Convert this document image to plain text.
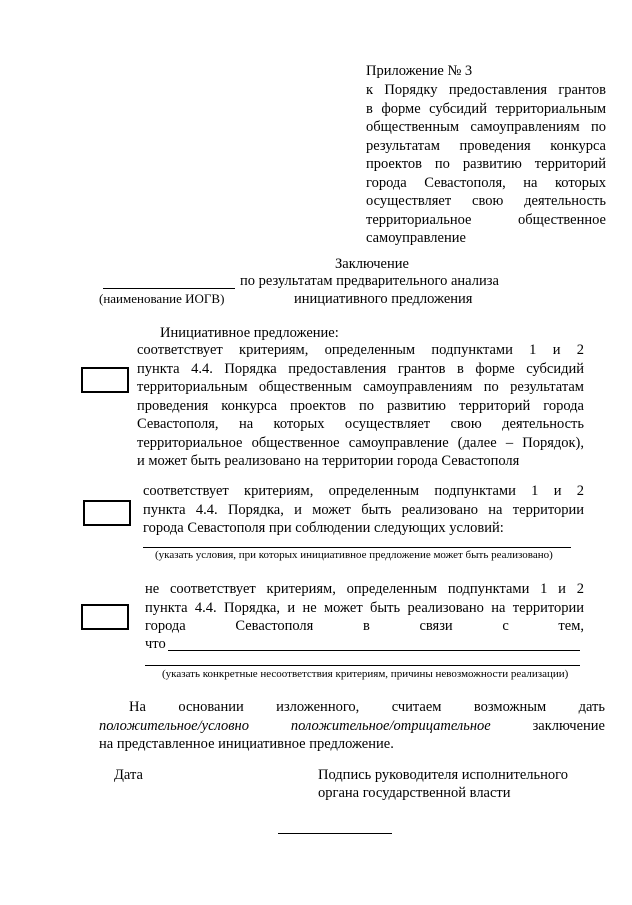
Приложение № 3
к Порядку предоставления грантов
в форме субсидий территориальным
общественным самоуправлениям по
результатам проведения конкурса
проектов по развитию территорий
города Севастополя, на которых
осуществляет свою деятельность
территориальное общественное
самоуправление
Заключение
по результатам предварительного анализа
(наименование ИОГВ)	инициативного предложения
Инициативное предложение:
соответствует критериям, определенным подпунктами 1 и 2
пункта 4.4. Порядка предоставления грантов в форме субсидий
территориальным общественным самоуправлениям по результатам
проведения конкурса проектов по развитию территорий города
Севастополя, на которых осуществляет свою деятельность
территориальное общественное самоуправление (далее – Порядок),
и может быть реализовано на территории города Севастополя
соответствует критериям, определенным подпунктами 1 и 2
пункта 4.4. Порядка, и может быть реализовано на территории
города Севастополя при соблюдении следующих условий:
(указать условия, при которых инициативное предложение может быть реализовано)
не соответствует критериям, определенным подпунктами 1 и 2
пункта 4.4. Порядка, и не может быть реализовано на территории
города Севастополя в связи с тем,
что
(указать конкретные несоответствия критериям, причины невозможности реализации)
На основании изложенного, считаем возможным дать
положительное/условно	положительное/отрицательное	заключение
на представленное инициативное предложение.
Дата	Подпись руководителя исполнительного
органа государственной власти
